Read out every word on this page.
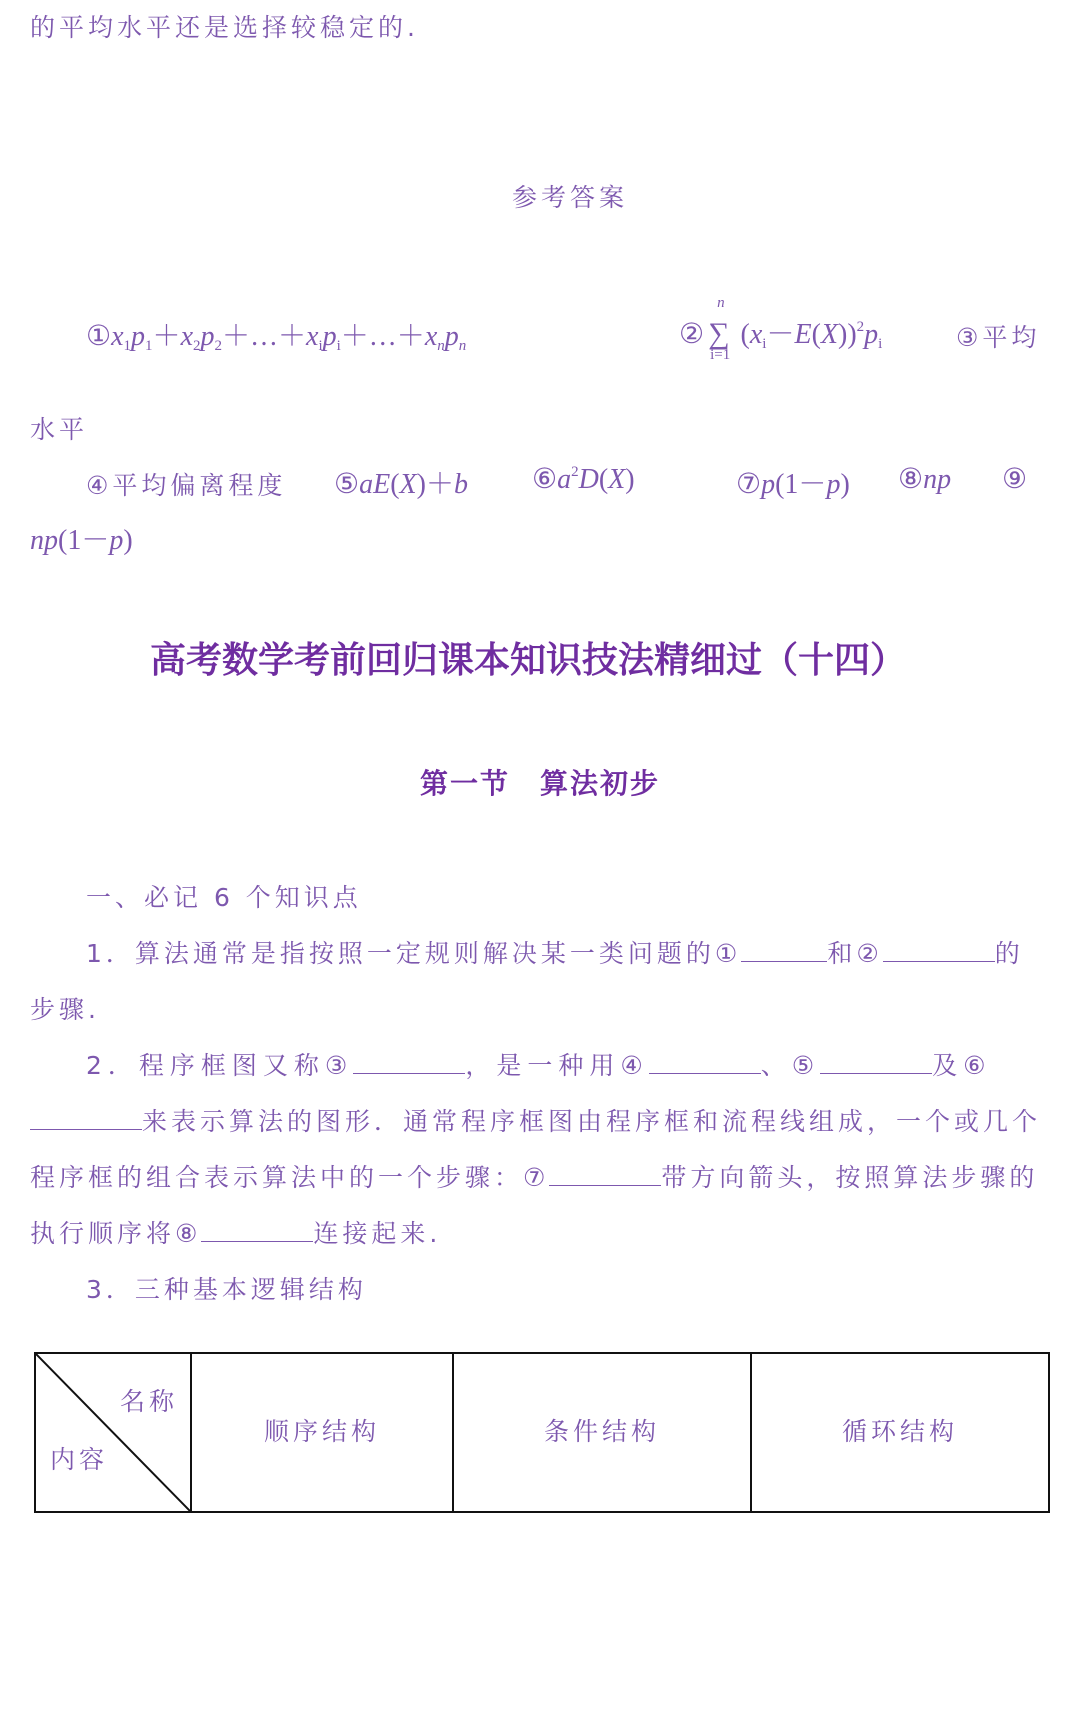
的平均水平还是选择较稳定的.
参考答案
$①x_1p_1+x_2p_2+\dots+x_ip_i+\dots+x_np_n$	② ∑
n
i=1
$(x_i-E(X))^2p_i$	③平均
水平
④平均偏离程度 ⑤aE(X)＋b $⑥a^2D(X)$	⑦p(1－p) ⑧np ⑨
np(1－p)
高考数学考前回归课本知识技法精细过（十四）
第一节　算法初步
一、必记 6 个知识点
1．算法通常是指按照一定规则解决某一类问题的①	和②	的
步骤.
2．程序框图又称③	，是一种用④	、⑤	及⑥
来表示算法的图形．通常程序框图由程序框和流程线组成，一个或几个
程序框的组合表示算法中的一个步骤：⑦	带方向箭头，按照算法步骤的
执行顺序将⑧	连接起来.
3．三种基本逻辑结构
名称
内容
	顺序结构	条件结构	循环结构
